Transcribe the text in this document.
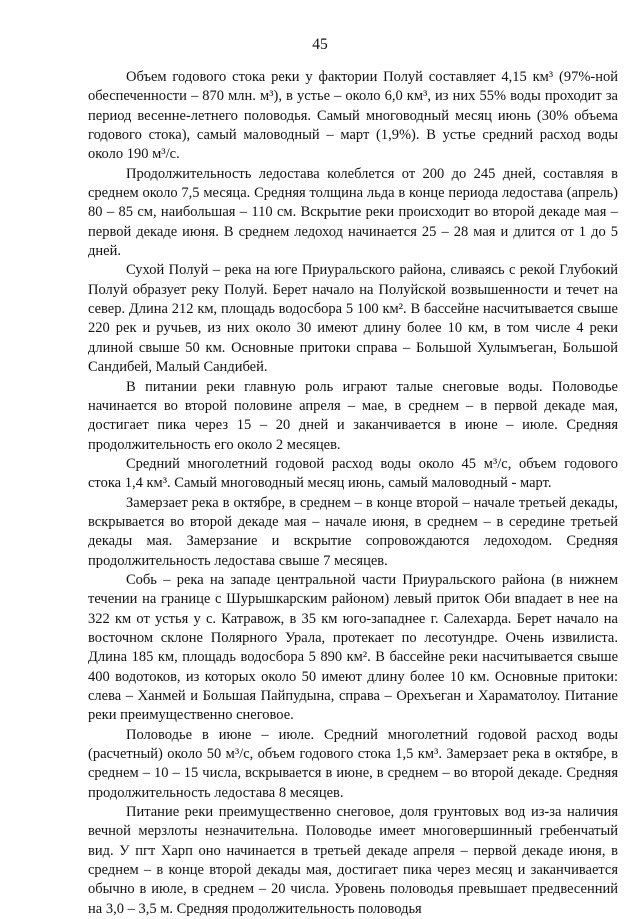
45

Объем годового стока реки у фактории Полуй составляет 4,15 км³ (97%-ной обеспеченности – 870 млн. м³), в устье – около 6,0 км³, из них 55% воды проходит за период весенне-летнего половодья. Самый многоводный месяц июнь (30% объема годового стока), самый маловодный – март (1,9%). В устье средний расход воды около 190 м³/с.

Продолжительность ледостава колеблется от 200 до 245 дней, составляя в среднем около 7,5 месяца. Средняя толщина льда в конце периода ледостава (апрель) 80 – 85 см, наибольшая – 110 см. Вскрытие реки происходит во второй декаде мая – первой декаде июня. В среднем ледоход начинается 25 – 28 мая и длится от 1 до 5 дней.

Сухой Полуй – река на юге Приуральского района, сливаясь с рекой Глубокий Полуй образует реку Полуй. Берет начало на Полуйской возвышенности и течет на север. Длина 212 км, площадь водосбора 5 100 км². В бассейне насчитывается свыше 220 рек и ручьев, из них около 30 имеют длину более 10 км, в том числе 4 реки длиной свыше 50 км. Основные притоки справа – Большой Хулымъеган, Большой Сандибей, Малый Сандибей.

В питании реки главную роль играют талые снеговые воды. Половодье начинается во второй половине апреля – мае, в среднем – в первой декаде мая, достигает пика через 15 – 20 дней и заканчивается в июне – июле. Средняя продолжительность его около 2 месяцев.

Средний многолетний годовой расход воды около 45 м³/с, объем годового стока 1,4 км³. Самый многоводный месяц июнь, самый маловодный - март.

Замерзает река в октябре, в среднем – в конце второй – начале третьей декады, вскрывается во второй декаде мая – начале июня, в среднем – в середине третьей декады мая. Замерзание и вскрытие сопровождаются ледоходом. Средняя продолжительность ледостава свыше 7 месяцев.

Собь – река на западе центральной части Приуральского района (в нижнем течении на границе с Шурышкарским районом) левый приток Оби впадает в нее на 322 км от устья у с. Катравож, в 35 км юго-западнее г. Салехарда. Берет начало на восточном склоне Полярного Урала, протекает по лесотундре. Очень извилиста. Длина 185 км, площадь водосбора 5 890 км². В бассейне реки насчитывается свыше 400 водотоков, из которых около 50 имеют длину более 10 км. Основные притоки: слева – Ханмей и Большая Пайпудына, справа – Орехъеган и Хараматолоу. Питание реки преимущественно снеговое.

Половодье в июне – июле. Средний многолетний годовой расход воды (расчетный) около 50 м³/с, объем годового стока 1,5 км³. Замерзает река в октябре, в среднем – 10 – 15 числа, вскрывается в июне, в среднем – во второй декаде. Средняя продолжительность ледостава 8 месяцев.

Питание реки преимущественно снеговое, доля грунтовых вод из-за наличия вечной мерзлоты незначительна. Половодье имеет многовершинный гребенчатый вид. У пгт Харп оно начинается в третьей декаде апреля – первой декаде июня, в среднем – в конце второй декады мая, достигает пика через месяц и заканчивается обычно в июле, в среднем – 20 числа. Уровень половодья превышает предвесенний на 3,0 – 3,5 м. Средняя продолжительность половодья
